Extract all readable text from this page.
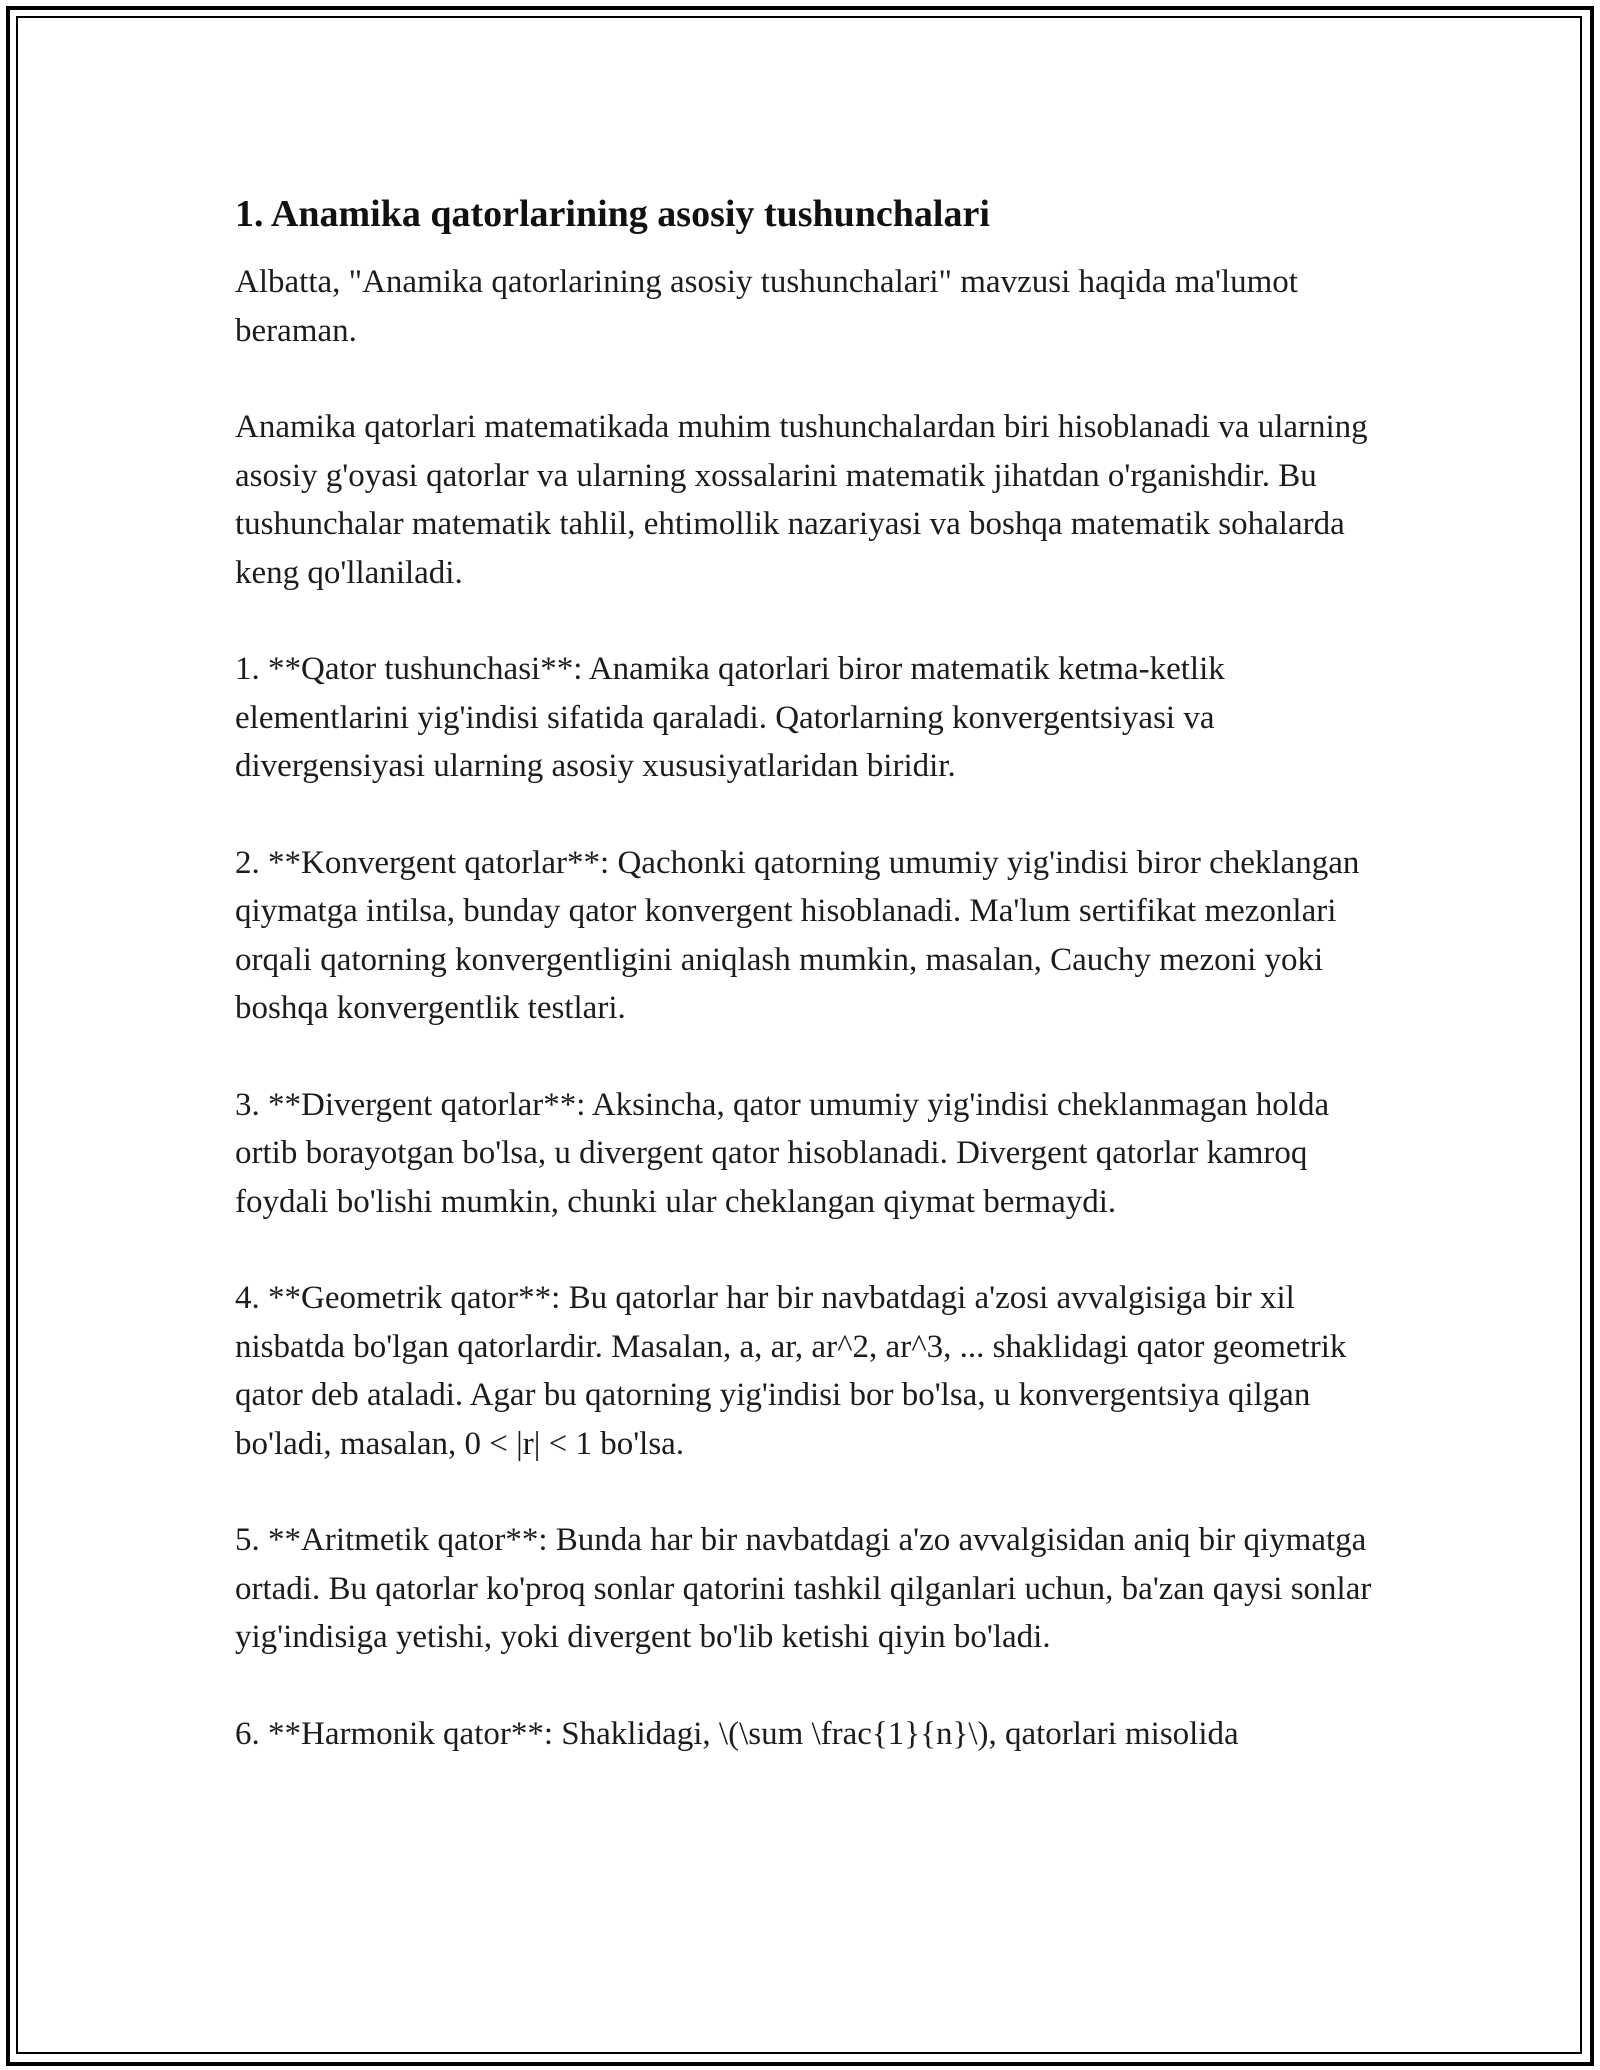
1. Anamika qatorlarining asosiy tushunchalari

Albatta, "Anamika qatorlarining asosiy tushunchalari" mavzusi haqida ma'lumot beraman.

Anamika qatorlari matematikada muhim tushunchalardan biri hisoblanadi va ularning asosiy g'oyasi qatorlar va ularning xossalarini matematik jihatdan o'rganishdir. Bu tushunchalar matematik tahlil, ehtimollik nazariyasi va boshqa matematik sohalarda keng qo'llaniladi.

1. **Qator tushunchasi**: Anamika qatorlari biror matematik ketma-ketlik elementlarini yig'indisi sifatida qaraladi. Qatorlarning konvergentsiyasi va divergensiyasi ularning asosiy xususiyatlaridan biridir.

2. **Konvergent qatorlar**: Qachonki qatorning umumiy yig'indisi biror cheklangan qiymatga intilsa, bunday qator konvergent hisoblanadi. Ma'lum sertifikat mezonlari orqali qatorning konvergentligini aniqlash mumkin, masalan, Cauchy mezoni yoki boshqa konvergentlik testlari.

3. **Divergent qatorlar**: Aksincha, qator umumiy yig'indisi cheklanmagan holda ortib borayotgan bo'lsa, u divergent qator hisoblanadi. Divergent qatorlar kamroq foydali bo'lishi mumkin, chunki ular cheklangan qiymat bermaydi.

4. **Geometrik qator**: Bu qatorlar har bir navbatdagi a'zosi avvalgisiga bir xil nisbatda bo'lgan qatorlardir. Masalan, a, ar, ar^2, ar^3, ... shaklidagi qator geometrik qator deb ataladi. Agar bu qatorning yig'indisi bor bo'lsa, u konvergentsiya qilgan bo'ladi, masalan, 0 < |r| < 1 bo'lsa.

5. **Aritmetik qator**: Bunda har bir navbatdagi a'zo avvalgisidan aniq bir qiymatga ortadi. Bu qatorlar ko'proq sonlar qatorini tashkil qilganlari uchun, ba'zan qaysi sonlar yig'indisiga yetishi, yoki divergent bo'lib ketishi qiyin bo'ladi.

6. **Harmonik qator**: Shaklidagi, \(\sum \frac{1}{n}\), qatorlari misolida
